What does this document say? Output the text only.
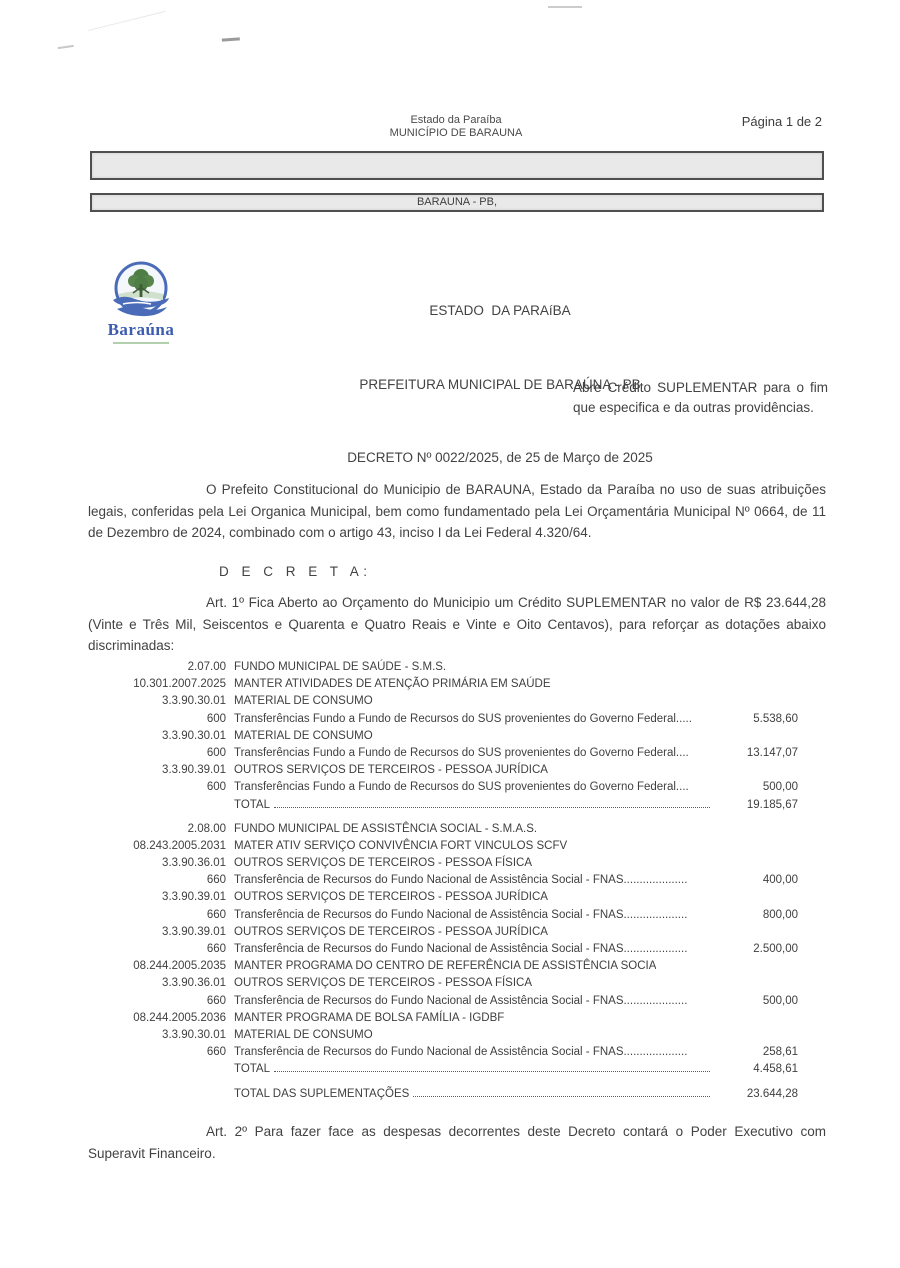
Estado da Paraíba
MUNICÍPIO DE BARAUNA
Página 1 de 2
BARAUNA - PB,
Baraúna

ESTADO  DA PARAíBA

PREFEITURA MUNICIPAL DE BARAÚNA - PB

DECRETO Nº 0022/2025, de 25 de Março de 2025

Abre Crédito SUPLEMENTAR para o fim que especifica e da outras providências.
O Prefeito Constitucional do Municipio de BARAUNA, Estado da Paraíba no uso de suas atribuições legais, conferidas pela Lei Organica Municipal, bem como fundamentado pela Lei Orçamentária Municipal Nº 0664, de 11 de Dezembro de 2024, combinado com o artigo 43, inciso I da Lei Federal 4.320/64.
D E C R E T A:
Art. 1º Fica Aberto ao Orçamento do Municipio um Crédito SUPLEMENTAR no valor de R$ 23.644,28 (Vinte e Três Mil, Seiscentos e Quarenta e Quatro Reais e Vinte e Oito Centavos), para reforçar as dotações abaixo discriminadas:
2.07.00 FUNDO MUNICIPAL DE SAÚDE - S.M.S.
10.301.2007.2025 MANTER ATIVIDADES DE ATENÇÃO PRIMÁRIA EM SAÚDE
3.3.90.30.01 MATERIAL DE CONSUMO
600 Transferências Fundo a Fundo de Recursos do SUS provenientes do Governo Federal.....	5.538,60
3.3.90.30.01 MATERIAL DE CONSUMO
600 Transferências Fundo a Fundo de Recursos do SUS provenientes do Governo Federal....	13.147,07
3.3.90.39.01 OUTROS SERVIÇOS DE TERCEIROS - PESSOA JURÍDICA
600 Transferências Fundo a Fundo de Recursos do SUS provenientes do Governo Federal....	500,00
TOTAL	19.185,67
2.08.00 FUNDO MUNICIPAL DE ASSISTÊNCIA SOCIAL - S.M.A.S.
08.243.2005.2031 MATER ATIV SERVIÇO CONVIVÊNCIA FORT VINCULOS SCFV
3.3.90.36.01 OUTROS SERVIÇOS DE TERCEIROS - PESSOA FÍSICA
660 Transferência de Recursos do Fundo Nacional de Assistência Social - FNAS....................	400,00
3.3.90.39.01 OUTROS SERVIÇOS DE TERCEIROS - PESSOA JURÍDICA
660 Transferência de Recursos do Fundo Nacional de Assistência Social - FNAS....................	800,00
3.3.90.39.01 OUTROS SERVIÇOS DE TERCEIROS - PESSOA JURÍDICA
660 Transferência de Recursos do Fundo Nacional de Assistência Social - FNAS....................	2.500,00
08.244.2005.2035 MANTER PROGRAMA DO CENTRO DE REFERÊNCIA DE ASSISTÊNCIA SOCIA
3.3.90.36.01 OUTROS SERVIÇOS DE TERCEIROS - PESSOA FÍSICA
660 Transferência de Recursos do Fundo Nacional de Assistência Social - FNAS....................	500,00
08.244.2005.2036 MANTER PROGRAMA DE BOLSA FAMÍLIA - IGDBF
3.3.90.30.01 MATERIAL DE CONSUMO
660 Transferência de Recursos do Fundo Nacional de Assistência Social - FNAS....................	258,61
TOTAL	4.458,61
TOTAL DAS SUPLEMENTAÇÕES	23.644,28
Art. 2º Para fazer face as despesas decorrentes deste Decreto contará o Poder Executivo com Superavit Financeiro.
